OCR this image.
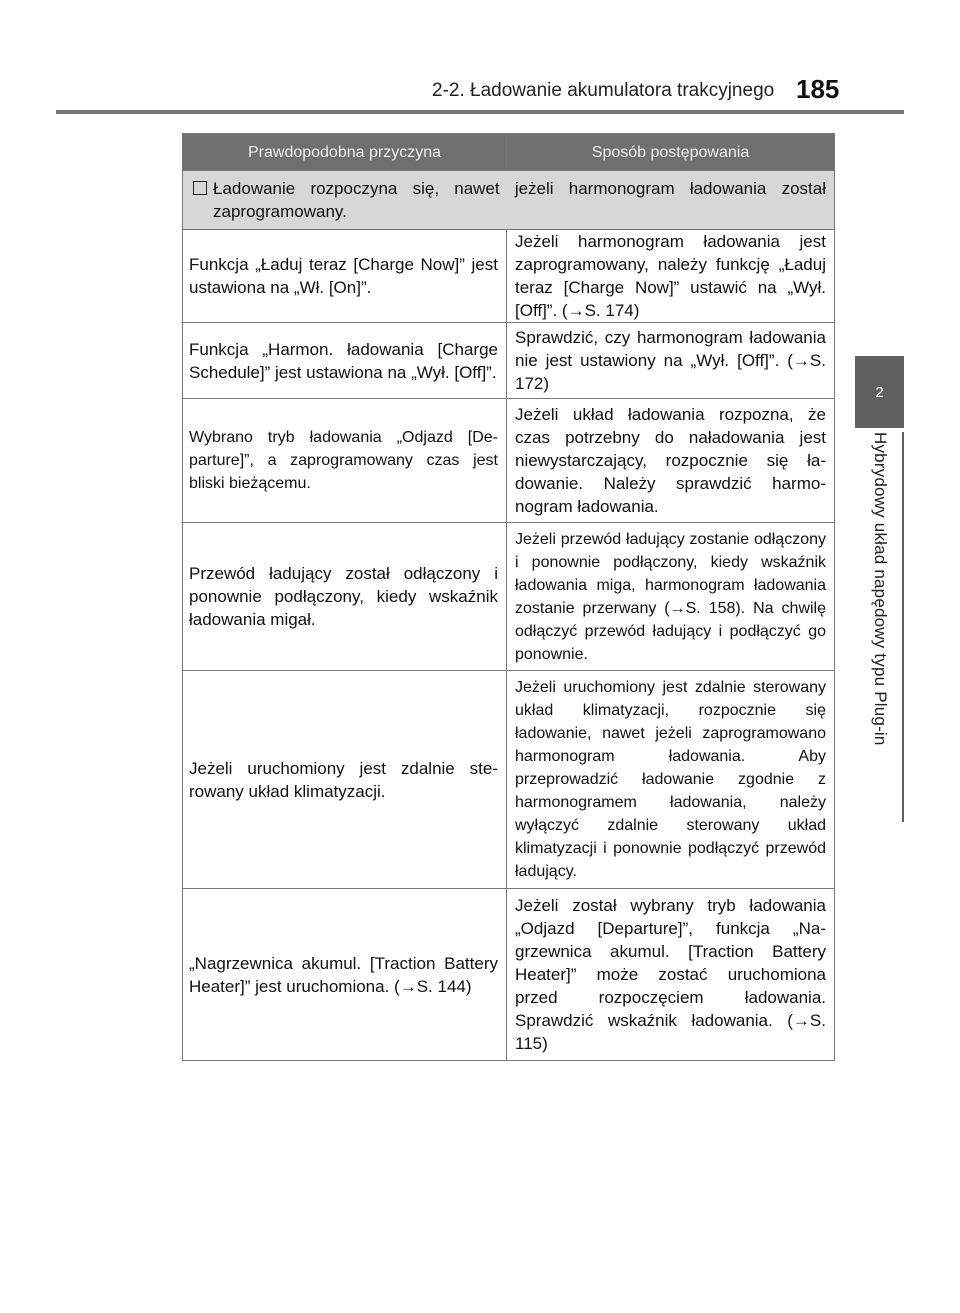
2-2. Ładowanie akumulatora trakcyjnego 185
2
Hybrydowy układ napędowy typu Plug-in
Prawdopodobna przyczyna	Sposób postępowania

Ładowanie rozpoczyna się, nawet jeżeli harmonogram ładowania został zaprogramowany.	

Funkcja „Ładuj teraz [Charge Now]” jest ustawiona na „Wł. [On]”.	Jeżeli harmonogram ładowania jest zaprogramowany, należy funkcję „Ładuj teraz [Charge Now]” ustawić na „Wył. [Off]”. (→S. 174)
Funkcja „Harmon. ładowania [Charge Schedule]” jest ustawiona na „Wył. [Off]”.	Sprawdzić, czy harmonogram ładowania nie jest ustawiony na „Wył. [Off]”. (→S. 172)
Wybrano tryb ładowania „Odjazd [Departure]”, a zaprogramowany czas jest bliski bieżącemu.	Jeżeli układ ładowania rozpozna, że czas potrzebny do naładowania jest niewystarczający, rozpocznie się ładowanie. Należy sprawdzić harmonogram ładowania.
Przewód ładujący został odłączony i ponownie podłączony, kiedy wskaźnik ładowania migał.	Jeżeli przewód ładujący zostanie odłączony i ponownie podłączony, kiedy wskaźnik ładowania miga, harmonogram ładowania zostanie przerwany (→S. 158). Na chwilę odłączyć przewód ładujący i podłączyć go ponownie.
Jeżeli uruchomiony jest zdalnie sterowany układ klimatyzacji.	Jeżeli uruchomiony jest zdalnie sterowany układ klimatyzacji, rozpocznie się ładowanie, nawet jeżeli zaprogramowano harmonogram ładowania. Aby przeprowadzić ładowanie zgodnie z harmonogramem ładowania, należy wyłączyć zdalnie sterowany układ klimatyzacji i ponownie podłączyć przewód ładujący.
„Nagrzewnica akumul. [Traction Battery Heater]” jest uruchomiona. (→S. 144)	Jeżeli został wybrany tryb ładowania „Odjazd [Departure]”, funkcja „Nagrzewnica akumul. [Traction Battery Heater]” może zostać uruchomiona przed rozpoczęciem ładowania. Sprawdzić wskaźnik ładowania. (→S. 115)
